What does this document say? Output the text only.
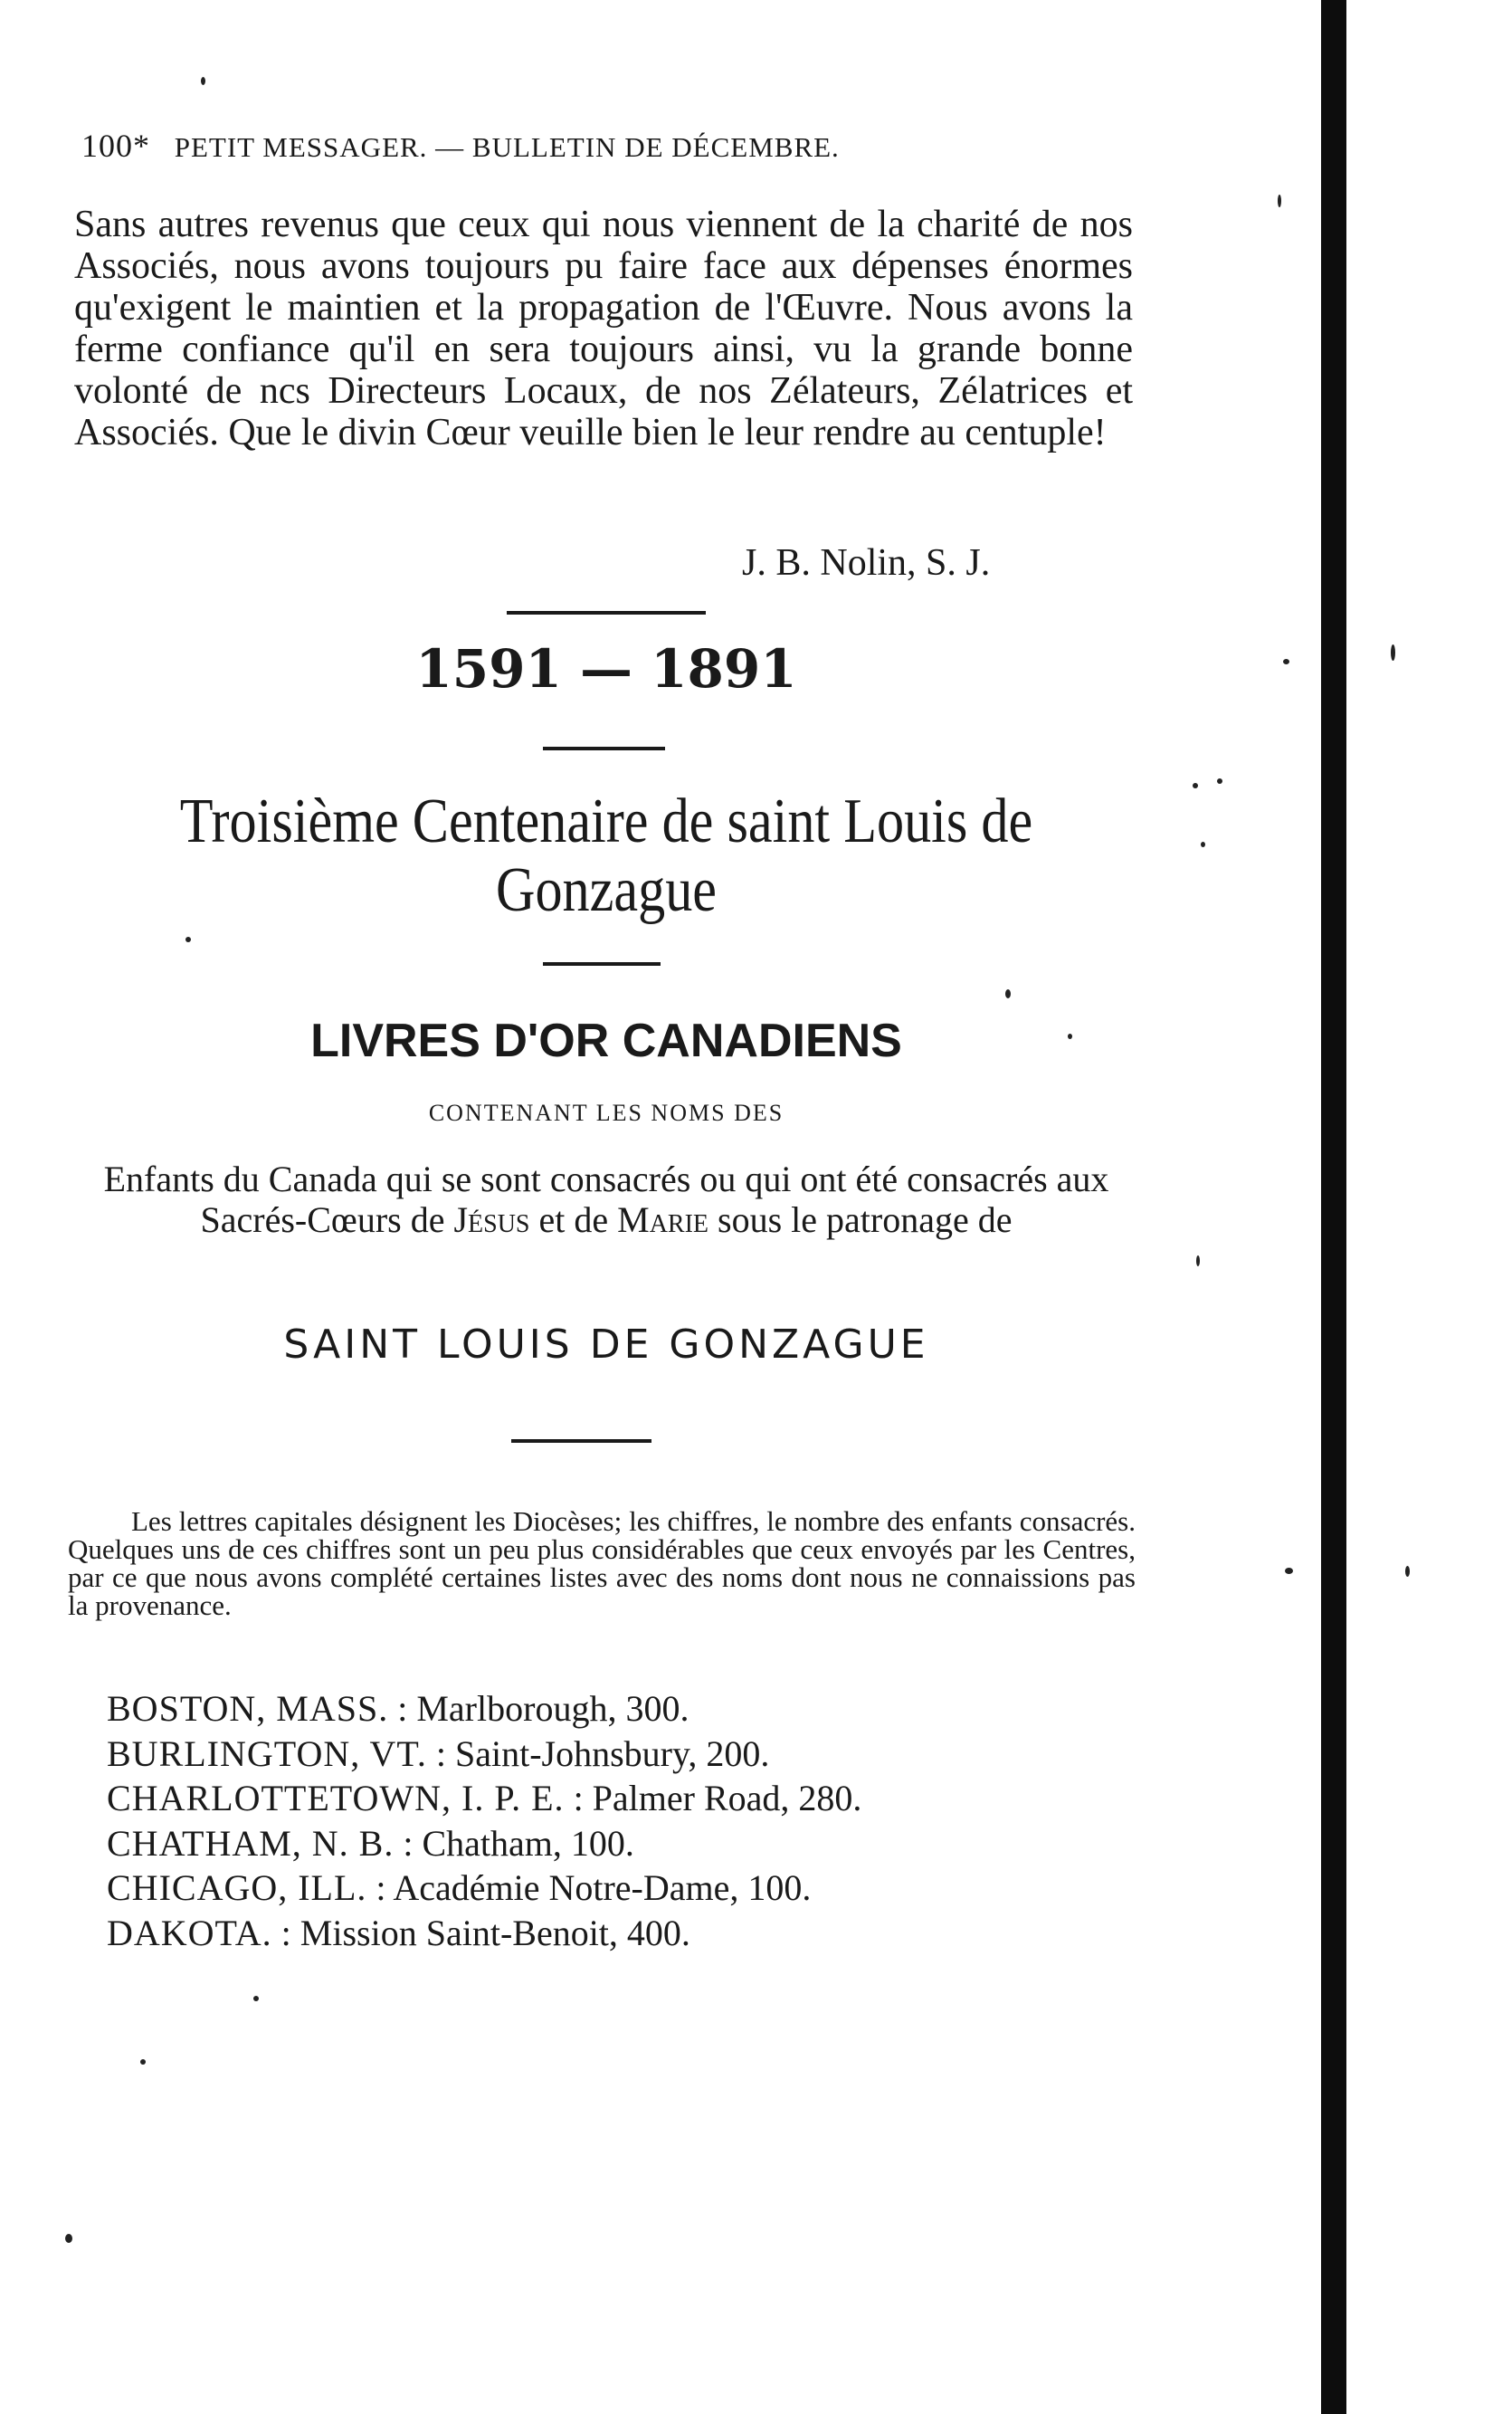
100* PETIT MESSAGER. — BULLETIN DE DÉCEMBRE.

Sans autres revenus que ceux qui nous viennent de la charité de nos Associés, nous avons toujours pu faire face aux dépenses énormes qu'exigent le maintien et la propagation de l'Œuvre. Nous avons la ferme confiance qu'il en sera toujours ainsi, vu la grande bonne volonté de ncs Directeurs Locaux, de nos Zélateurs, Zélatrices et Associés. Que le divin Cœur veuille bien le leur rendre au centuple!

J. B. Nolin, S. J.
1591 — 1891
Troisième Centenaire de saint Louis de
Gonzague
LIVRES D'OR CANADIENS
CONTENANT LES NOMS DES
Enfants du Canada qui se sont consacrés ou qui ont été consacrés aux Sacrés-Cœurs de Jésus et de Marie sous le patronage de
SAINT LOUIS DE GONZAGUE

Les lettres capitales désignent les Diocèses; les chiffres, le nombre des enfants consacrés. Quelques uns de ces chiffres sont un peu plus considérables que ceux envoyés par les Centres, par ce que nous avons complété certaines listes avec des noms dont nous ne connaissions pas la provenance.

BOSTON, MASS. : Marlborough, 300.
BURLINGTON, VT. : Saint-Johnsbury, 200.
CHARLOTTETOWN, I. P. E. : Palmer Road, 280.
CHATHAM, N. B. : Chatham, 100.
CHICAGO, ILL. : Académie Notre-Dame, 100.
DAKOTA. : Mission Saint-Benoit, 400.
